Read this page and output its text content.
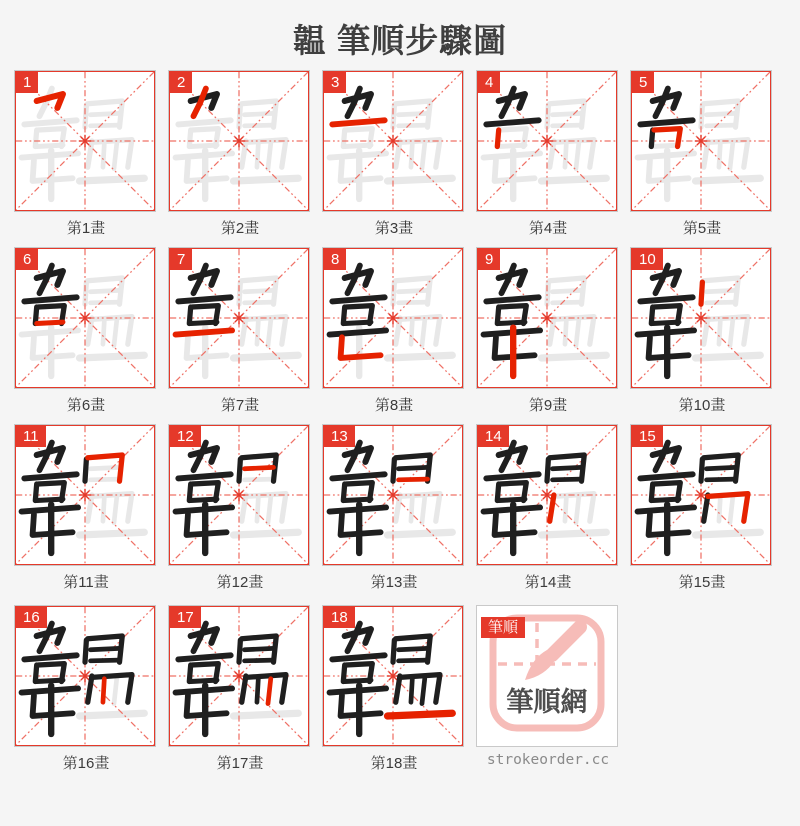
韞 筆順步驟圖
1
第1畫
2
第2畫
3
第3畫
4
第4畫
5
第5畫
6
第6畫
7
第7畫
8
第8畫
9
第9畫
10
第10畫
11
第11畫
12
第12畫
13
第13畫
14
第14畫
15
第15畫
16
第16畫
17
第17畫
18
第18畫
筆順網
筆順
strokeorder.cc
